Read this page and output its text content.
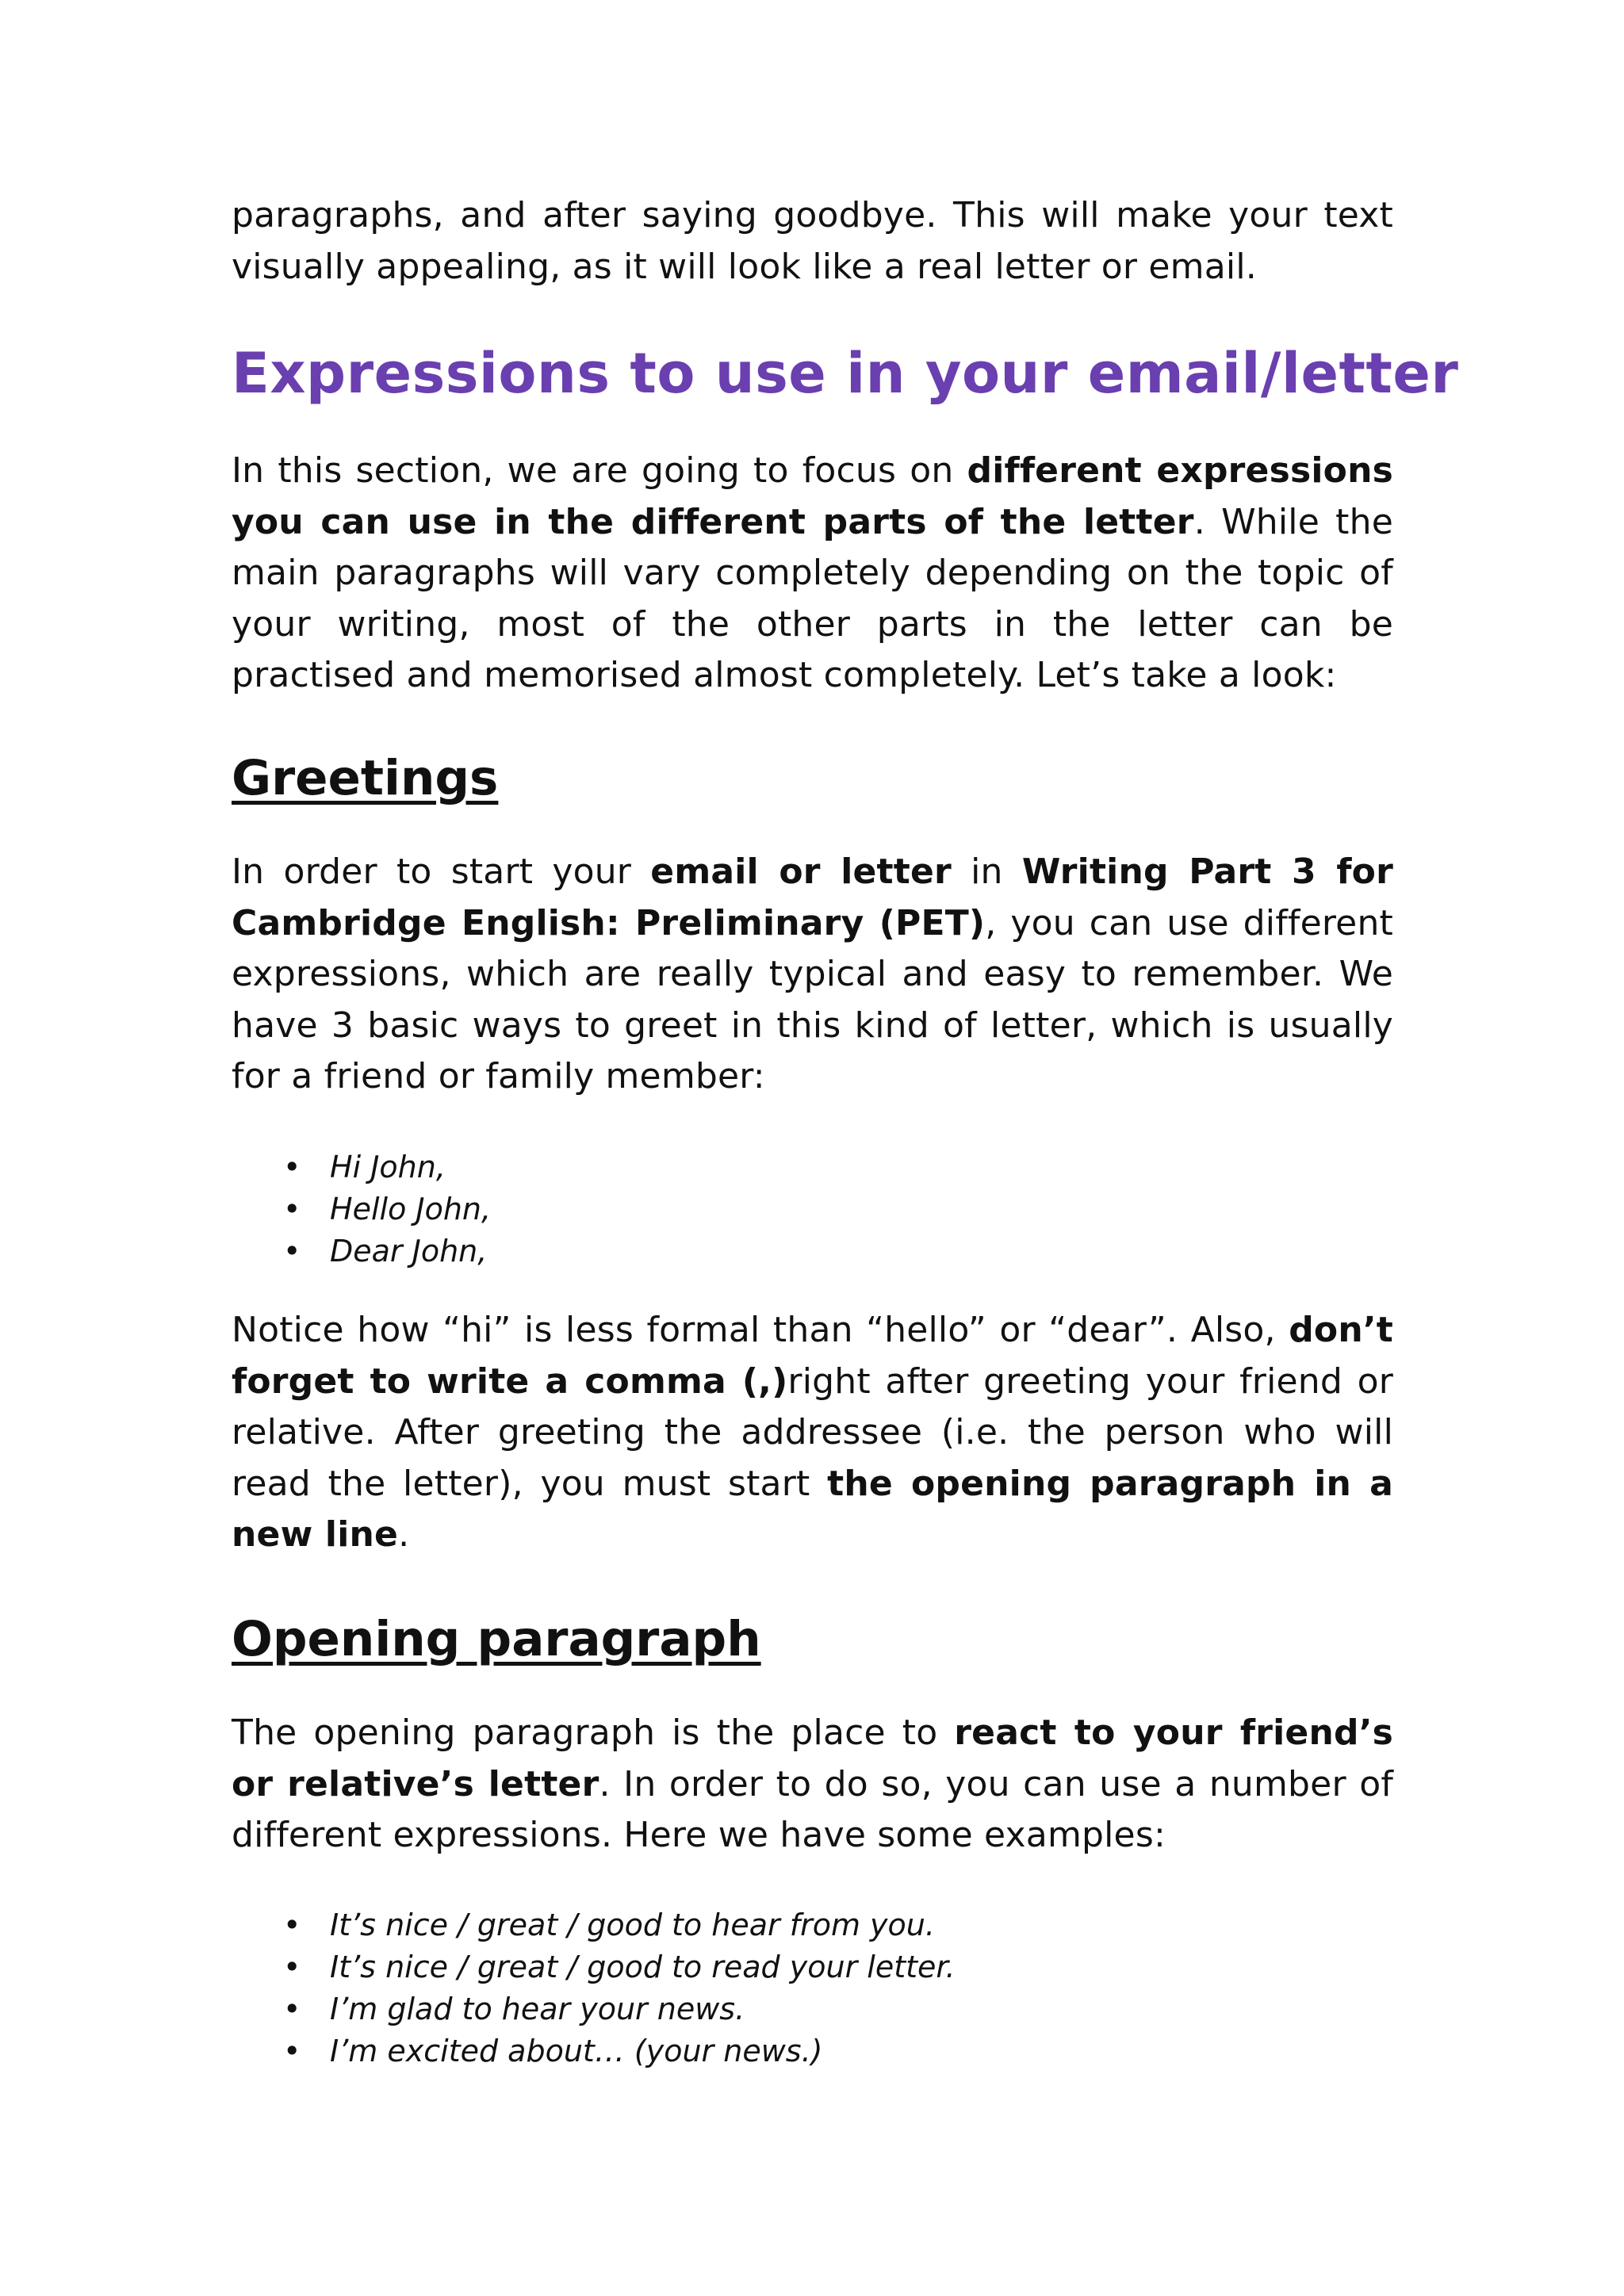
paragraphs, and after saying goodbye. This will make your text visually appealing, as it will look like a real letter or email.

Expressions to use in your email/letter

In this section, we are going to focus on different expressions you can use in the different parts of the letter. While the main paragraphs will vary completely depending on the topic of your writing, most of the other parts in the letter can be practised and memorised almost completely. Let’s take a look:

Greetings

In order to start your email or letter in Writing Part 3 for Cambridge English: Preliminary (PET), you can use different expressions, which are really typical and easy to remember. We have 3 basic ways to greet in this kind of letter, which is usually for a friend or family member:

• Hi John,
• Hello John,
• Dear John,

Notice how “hi” is less formal than “hello” or “dear”. Also, don’t forget to write a comma (,)right after greeting your friend or relative. After greeting the addressee (i.e. the person who will read the letter), you must start the opening paragraph in a new line.

Opening paragraph

The opening paragraph is the place to react to your friend’s or relative’s letter. In order to do so, you can use a number of different expressions. Here we have some examples:

• It’s nice / great / good to hear from you.
• It’s nice / great / good to read your letter.
• I’m glad to hear your news.
• I’m excited about… (your news.)
